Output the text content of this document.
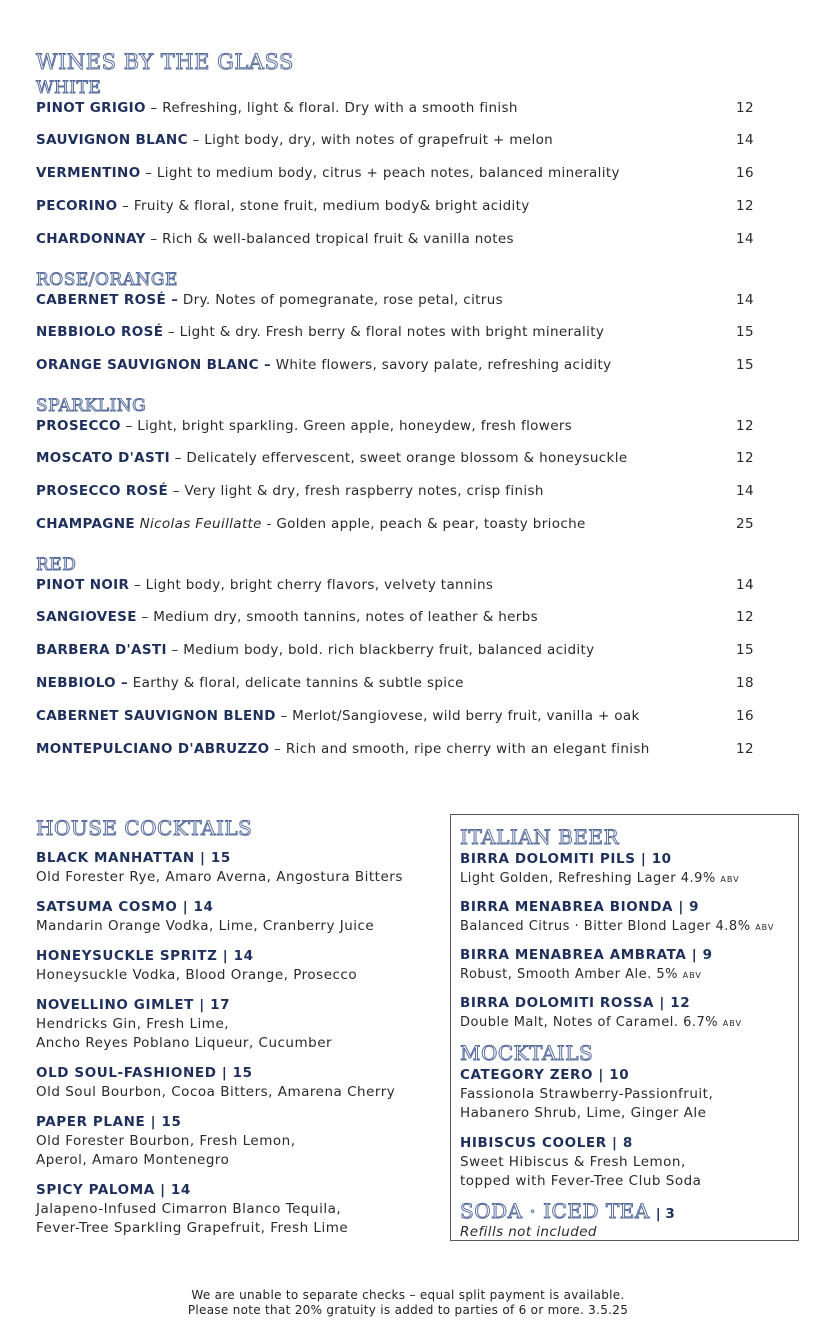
WINES BY THE GLASS
WHITE
PINOT GRIGIO – Refreshing, light & floral. Dry with a smooth finish	12
SAUVIGNON BLANC – Light body, dry, with notes of grapefruit + melon	14
VERMENTINO – Light to medium body, citrus + peach notes, balanced minerality	16
PECORINO – Fruity & floral, stone fruit, medium body& bright acidity	12
CHARDONNAY – Rich & well-balanced tropical fruit & vanilla notes	14
ROSE/ORANGE
CABERNET ROSÉ – Dry. Notes of pomegranate, rose petal, citrus	14
NEBBIOLO ROSÉ – Light & dry. Fresh berry & floral notes with bright minerality	15
ORANGE SAUVIGNON BLANC – White flowers, savory palate, refreshing acidity	15
SPARKLING
PROSECCO – Light, bright sparkling. Green apple, honeydew, fresh flowers	12
MOSCATO D'ASTI – Delicately effervescent, sweet orange blossom & honeysuckle	12
PROSECCO ROSÉ – Very light & dry, fresh raspberry notes, crisp finish	14
CHAMPAGNE Nicolas Feuillatte - Golden apple, peach & pear, toasty brioche	25
RED
PINOT NOIR – Light body, bright cherry flavors, velvety tannins	14
SANGIOVESE – Medium dry, smooth tannins, notes of leather & herbs	12
BARBERA D'ASTI – Medium body, bold. rich blackberry fruit, balanced acidity	15
NEBBIOLO – Earthy & floral, delicate tannins & subtle spice	18
CABERNET SAUVIGNON BLEND – Merlot/Sangiovese, wild berry fruit, vanilla + oak	16
MONTEPULCIANO D'ABRUZZO – Rich and smooth, ripe cherry with an elegant finish	12
HOUSE COCKTAILS
BLACK MANHATTAN | 15
Old Forester Rye, Amaro Averna, Angostura Bitters
SATSUMA COSMO | 14
Mandarin Orange Vodka, Lime, Cranberry Juice
HONEYSUCKLE SPRITZ | 14
Honeysuckle Vodka, Blood Orange, Prosecco
NOVELLINO GIMLET | 17
Hendricks Gin, Fresh Lime,
Ancho Reyes Poblano Liqueur, Cucumber
OLD SOUL-FASHIONED | 15
Old Soul Bourbon, Cocoa Bitters, Amarena Cherry
PAPER PLANE | 15
Old Forester Bourbon, Fresh Lemon,
Aperol, Amaro Montenegro
SPICY PALOMA | 14
Jalapeno-Infused Cimarron Blanco Tequila,
Fever-Tree Sparkling Grapefruit, Fresh Lime
ITALIAN BEER
BIRRA DOLOMITI PILS | 10
Light Golden, Refreshing Lager 4.9% ABV
BIRRA MENABREA BIONDA | 9
Balanced Citrus · Bitter Blond Lager 4.8% ABV
BIRRA MENABREA AMBRATA | 9
Robust, Smooth Amber Ale. 5% ABV
BIRRA DOLOMITI ROSSA | 12
Double Malt, Notes of Caramel. 6.7% ABV
MOCKTAILS
CATEGORY ZERO | 10
Fassionola Strawberry-Passionfruit,
Habanero Shrub, Lime, Ginger Ale
HIBISCUS COOLER | 8
Sweet Hibiscus & Fresh Lemon,
topped with Fever-Tree Club Soda
SODA · ICED TEA | 3
Refills not included
We are unable to separate checks – equal split payment is available.
Please note that 20% gratuity is added to parties of 6 or more. 3.5.25
